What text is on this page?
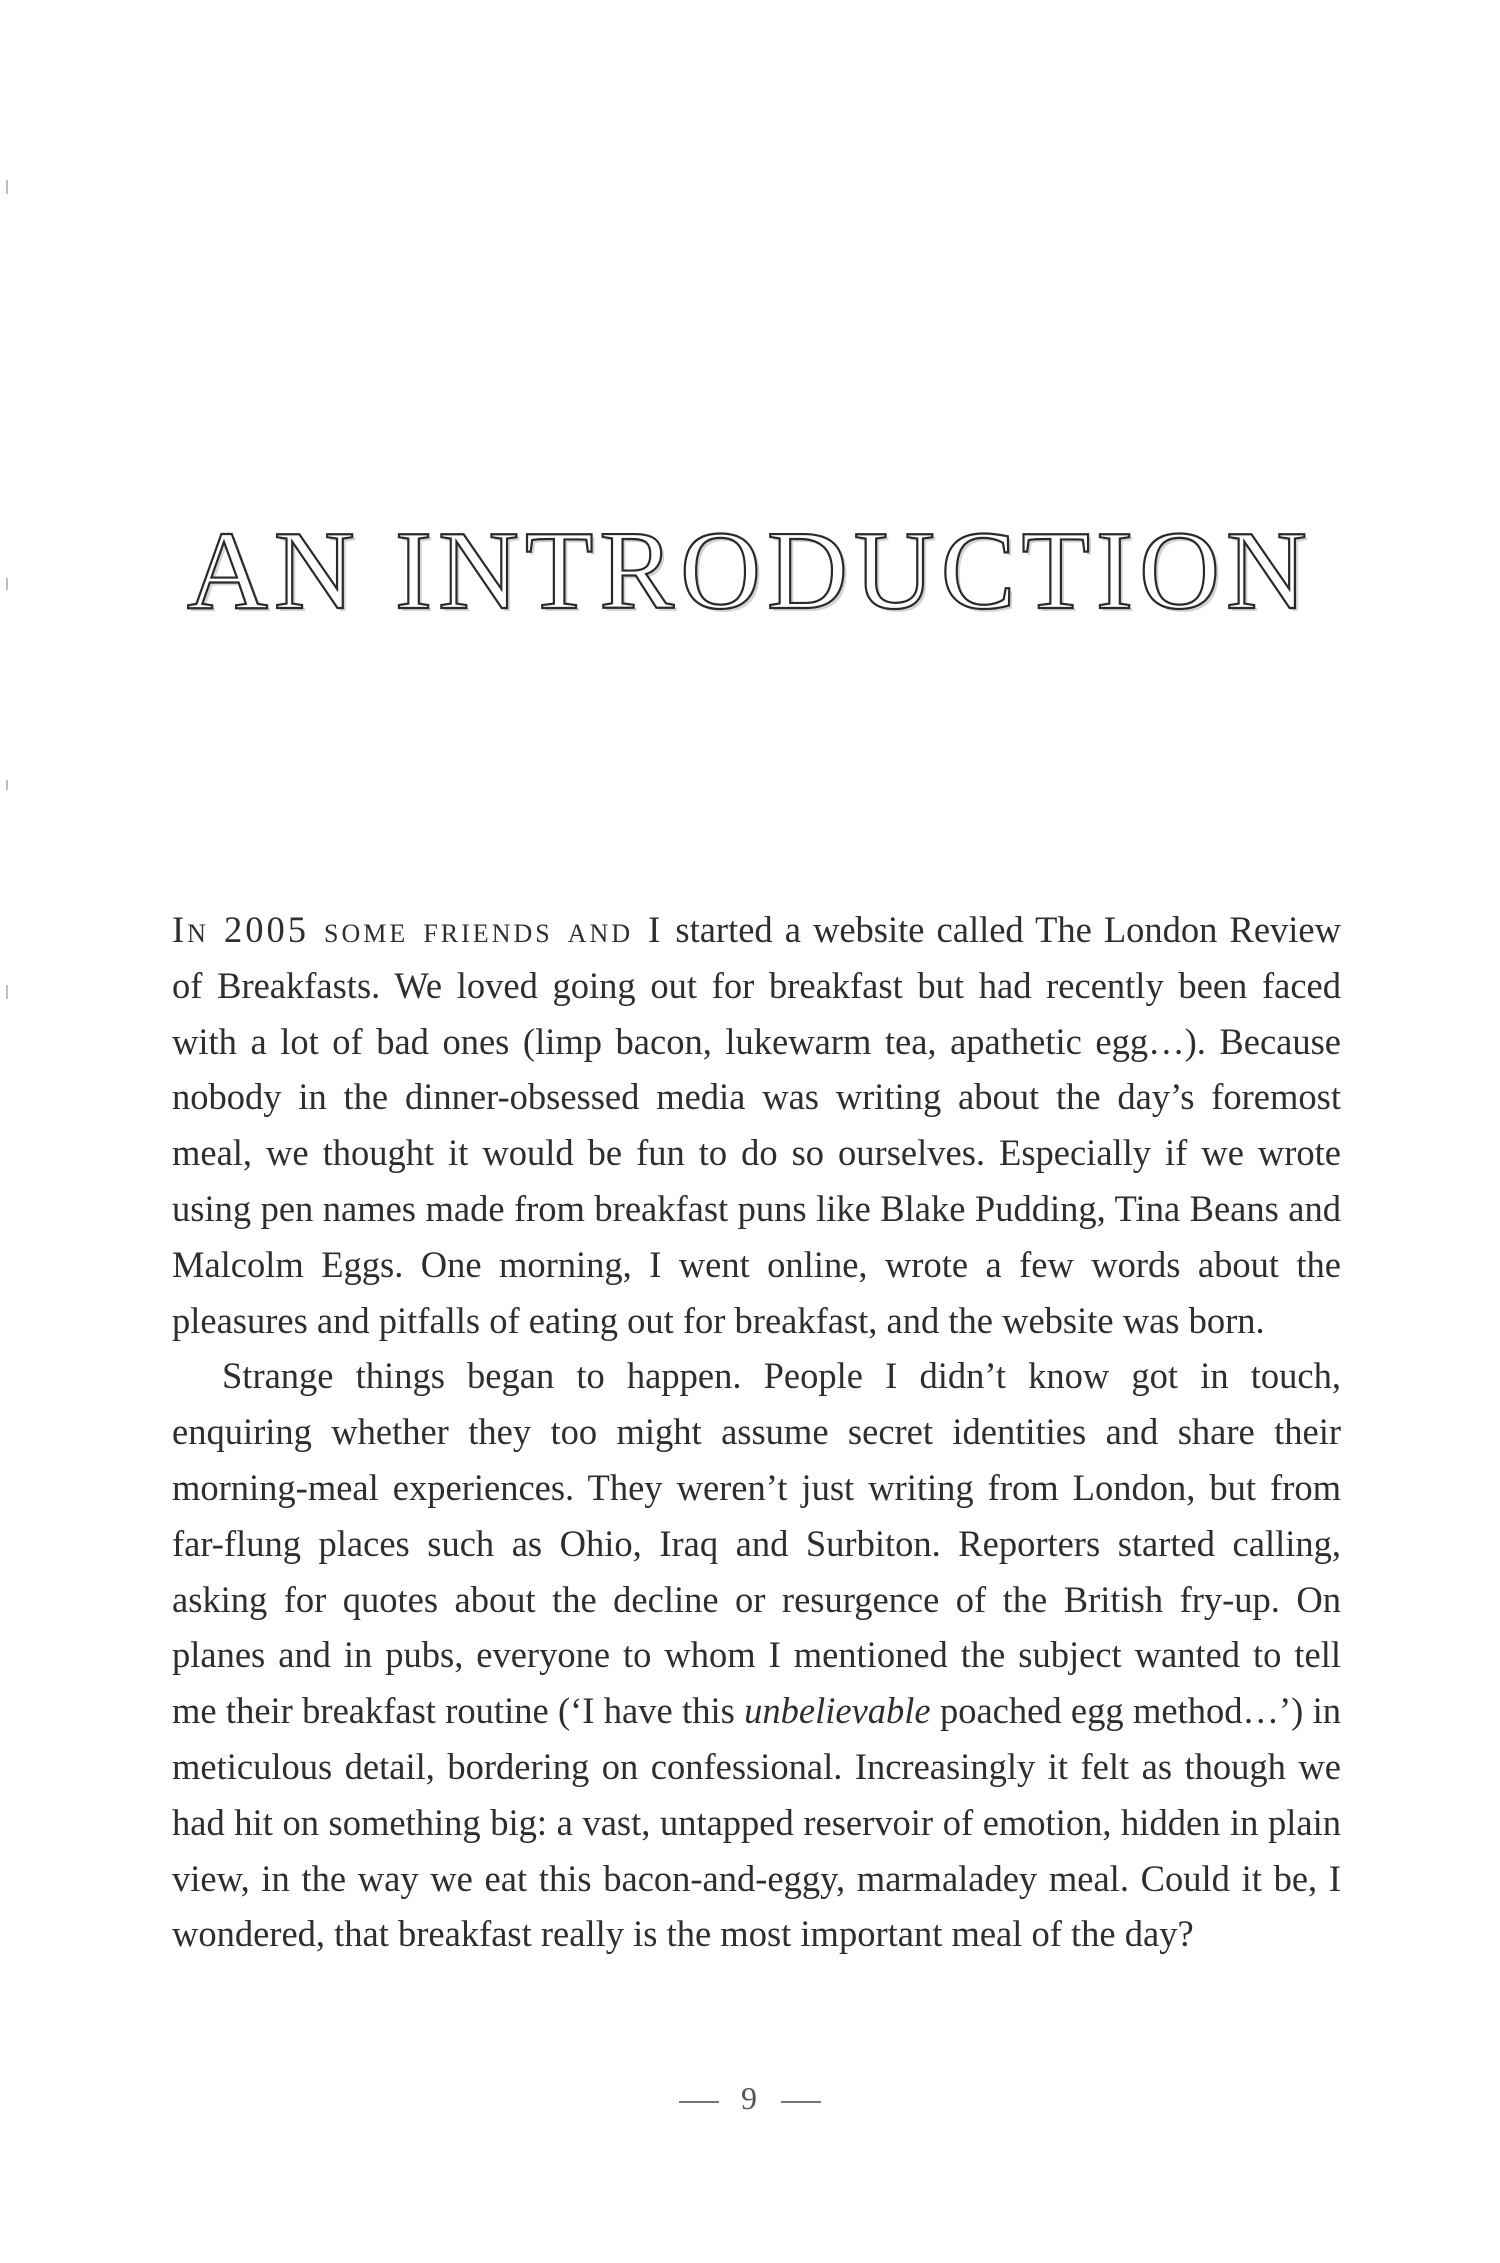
AN INTRODUCTION

In 2005 some friends and I started a website called The London Review of Breakfasts. We loved going out for breakfast but had recently been faced with a lot of bad ones (limp bacon, lukewarm tea, apathetic egg…). Because nobody in the dinner-obsessed media was writing about the day’s foremost meal, we thought it would be fun to do so ourselves. Especially if we wrote using pen names made from breakfast puns like Blake Pudding, Tina Beans and Malcolm Eggs. One morning, I went online, wrote a few words about the pleasures and pitfalls of eating out for breakfast, and the website was born.

Strange things began to happen. People I didn’t know got in touch, enquiring whether they too might assume secret identities and share their morning-meal experiences. They weren’t just writing from London, but from far-flung places such as Ohio, Iraq and Surbiton. Reporters started calling, asking for quotes about the decline or resurgence of the British fry-up. On planes and in pubs, everyone to whom I mentioned the subject wanted to tell me their breakfast routine (‘I have this unbelievable poached egg method…’) in meticulous detail, bordering on confessional. Increasingly it felt as though we had hit on something big: a vast, untapped reservoir of emotion, hidden in plain view, in the way we eat this bacon-and-eggy, marmaladey meal. Could it be, I wondered, that breakfast really is the most important meal of the day?

9
